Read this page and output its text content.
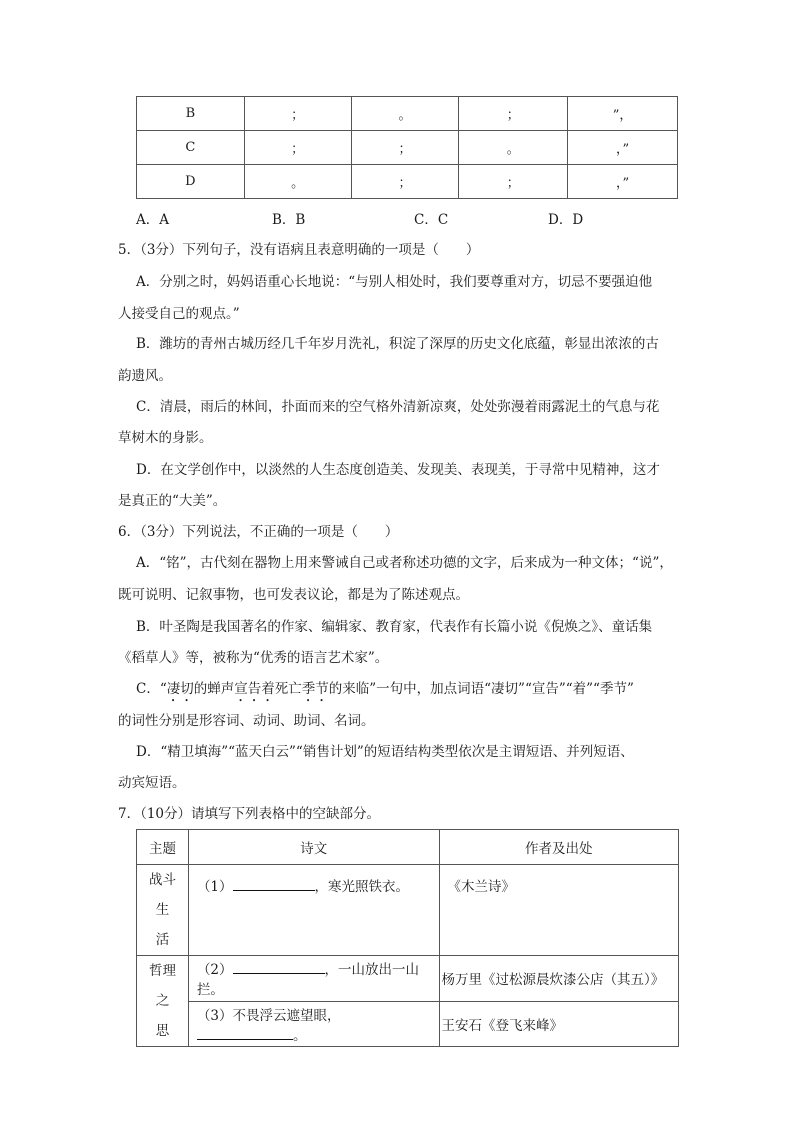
B	；	。	；	”，
C	；	；	。	，”
D	。	；	；	，”
A．A	B．B	C．C	D．D
5．（3分）下列句子，没有语病且表意明确的一项是（　　）
A．分别之时，妈妈语重心长地说：“与别人相处时，我们要尊重对方，切忌不要强迫他
人接受自己的观点。”
B．潍坊的青州古城历经几千年岁月洗礼，积淀了深厚的历史文化底蕴，彰显出浓浓的古
韵遗风。
C．清晨，雨后的林间，扑面而来的空气格外清新凉爽，处处弥漫着雨露泥土的气息与花
草树木的身影。
D．在文学创作中，以淡然的人生态度创造美、发现美、表现美，于寻常中见精神，这才
是真正的“大美”。
6．（3分）下列说法，不正确的一项是（　　）
A．“铭”，古代刻在器物上用来警诫自己或者称述功德的文字，后来成为一种文体；“说”，
既可说明、记叙事物，也可发表议论，都是为了陈述观点。
B．叶圣陶是我国著名的作家、编辑家、教育家，代表作有长篇小说《倪焕之》、童话集
《稻草人》等，被称为“优秀的语言艺术家”。
C．“凄切的蝉声宣告着死亡季节的来临”一句中，加点词语“凄切”“宣告”“着”“季节”
的词性分别是形容词、动词、助词、名词。
D．“精卫填海”“蓝天白云”“销售计划”的短语结构类型依次是主谓短语、并列短语、
动宾短语。
7．（10分）请填写下列表格中的空缺部分。
主题	诗文	作者及出处
战斗生
活	（1） ，寒光照铁衣。	《木兰诗》
哲理之
思	（2） ，一山放出一山拦。	杨万里《过松源晨炊漆公店（其五）》
	（3）不畏浮云遮望眼，。	王安石《登飞来峰》
